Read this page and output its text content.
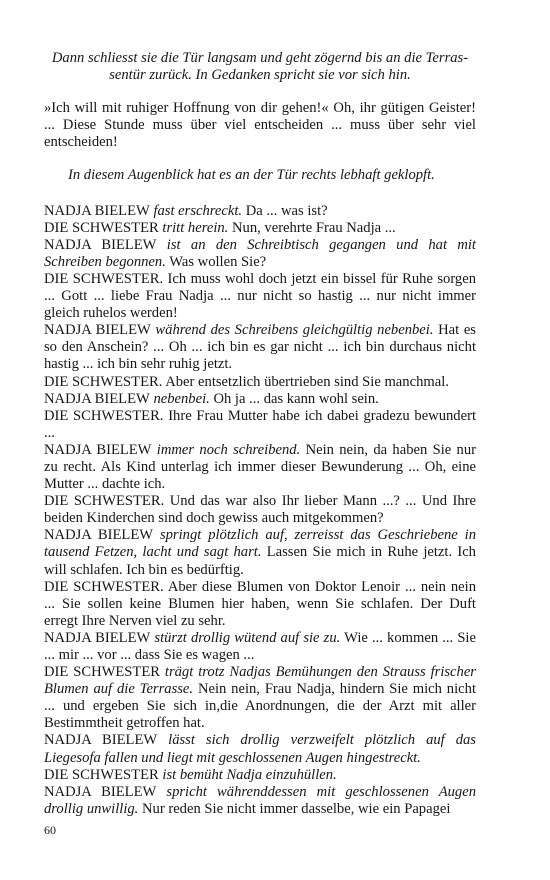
Dann schliesst sie die Tür langsam und geht zögernd bis an die Terras-sentür zurück. In Gedanken spricht sie vor sich hin.

»Ich will mit ruhiger Hoffnung von dir gehen!« Oh, ihr gütigen Geister! ... Diese Stunde muss über viel entscheiden ... muss über sehr viel entscheiden!

In diesem Augenblick hat es an der Tür rechts lebhaft geklopft.

NADJA BIELEW fast erschreckt. Da ... was ist?

DIE SCHWESTER tritt herein. Nun, verehrte Frau Nadja ...

NADJA BIELEW ist an den Schreibtisch gegangen und hat mit Schreiben begonnen. Was wollen Sie?

DIE SCHWESTER. Ich muss wohl doch jetzt ein bissel für Ruhe sorgen ... Gott ... liebe Frau Nadja ... nur nicht so hastig ... nur nicht immer gleich ruhelos werden!

NADJA BIELEW während des Schreibens gleichgültig nebenbei. Hat es so den Anschein? ... Oh ... ich bin es gar nicht ... ich bin durchaus nicht hastig ... ich bin sehr ruhig jetzt.

DIE SCHWESTER. Aber entsetzlich übertrieben sind Sie manchmal.

NADJA BIELEW nebenbei. Oh ja ... das kann wohl sein.

DIE SCHWESTER. Ihre Frau Mutter habe ich dabei gradezu bewundert ...

NADJA BIELEW immer noch schreibend. Nein nein, da haben Sie nur zu recht. Als Kind unterlag ich immer dieser Bewunderung ... Oh, eine Mutter ... dachte ich.

DIE SCHWESTER. Und das war also Ihr lieber Mann ...? ... Und Ihre beiden Kinderchen sind doch gewiss auch mitgekommen?

NADJA BIELEW springt plötzlich auf, zerreisst das Geschriebene in tausend Fetzen, lacht und sagt hart. Lassen Sie mich in Ruhe jetzt. Ich will schlafen. Ich bin es bedürftig.

DIE SCHWESTER. Aber diese Blumen von Doktor Lenoir ... nein nein ... Sie sollen keine Blumen hier haben, wenn Sie schlafen. Der Duft erregt Ihre Nerven viel zu sehr.

NADJA BIELEW stürzt drollig wütend auf sie zu. Wie ... kommen ... Sie ... mir ... vor ... dass Sie es wagen ...

DIE SCHWESTER trägt trotz Nadjas Bemühungen den Strauss frischer Blumen auf die Terrasse. Nein nein, Frau Nadja, hindern Sie mich nicht ... und ergeben Sie sich in,die Anordnungen, die der Arzt mit aller Bestimmtheit getroffen hat.

NADJA BIELEW lässt sich drollig verzweifelt plötzlich auf das Liegesofa fallen und liegt mit geschlossenen Augen hingestreckt.

DIE SCHWESTER ist bemüht Nadja einzuhüllen.

NADJA BIELEW spricht währenddessen mit geschlossenen Augen drollig unwillig. Nur reden Sie nicht immer dasselbe, wie ein Papagei

60
